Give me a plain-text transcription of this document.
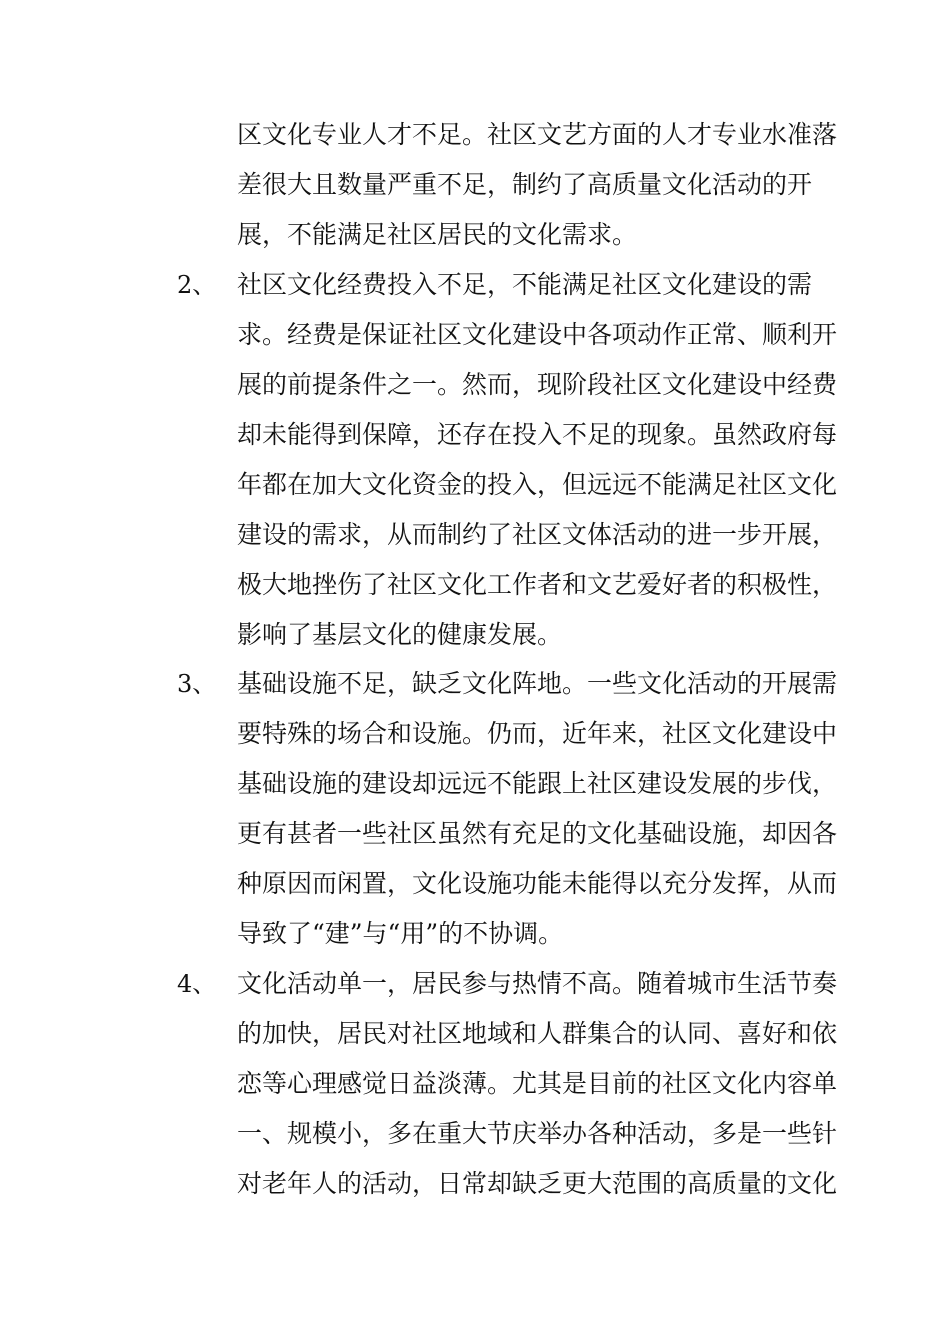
区文化专业人才不足。社区文艺方面的人才专业水准落
差很大且数量严重不足，制约了高质量文化活动的开
展，不能满足社区居民的文化需求。
2、 社区文化经费投入不足，不能满足社区文化建设的需
求。经费是保证社区文化建设中各项动作正常、顺利开
展的前提条件之一。然而，现阶段社区文化建设中经费
却未能得到保障，还存在投入不足的现象。虽然政府每
年都在加大文化资金的投入，但远远不能满足社区文化
建设的需求，从而制约了社区文体活动的进一步开展，
极大地挫伤了社区文化工作者和文艺爱好者的积极性，
影响了基层文化的健康发展。
3、 基础设施不足，缺乏文化阵地。一些文化活动的开展需
要特殊的场合和设施。仍而，近年来，社区文化建设中
基础设施的建设却远远不能跟上社区建设发展的步伐，
更有甚者一些社区虽然有充足的文化基础设施，却因各
种原因而闲置，文化设施功能未能得以充分发挥，从而
导致了“建”与“用”的不协调。
4、 文化活动单一，居民参与热情不高。随着城市生活节奏
的加快，居民对社区地域和人群集合的认同、喜好和依
恋等心理感觉日益淡薄。尤其是目前的社区文化内容单
一、规模小，多在重大节庆举办各种活动，多是一些针
对老年人的活动，日常却缺乏更大范围的高质量的文化
